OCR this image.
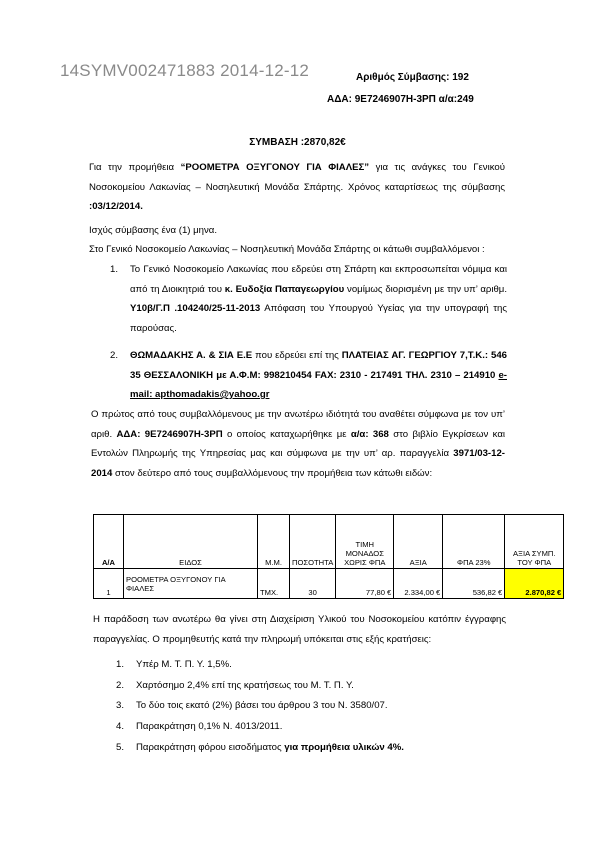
14SYMV002471883 2014-12-12	Αριθμός Σύμβασης: 192
ΑΔΑ: 9Ε7246907Η-3ΡΠ α/α:249
ΣΥΜΒΑΣΗ :2870,82€
Για την προμήθεια “ΡΟΟΜΕΤΡΑ ΟΞΥΓΟΝΟΥ ΓΙΑ ΦΙΑΛΕΣ” για τις ανάγκες του Γενικού Νοσοκομείου Λακωνίας – Νοσηλευτική Μονάδα Σπάρτης. Χρόνος καταρτίσεως της σύμβασης :03/12/2014.
Ισχύς σύμβασης ένα (1) μηνα.
Στο Γενικό Νοσοκομείο Λακωνίας – Νοσηλευτική Μονάδα Σπάρτης οι κάτωθι συμβαλλόμενοι :
1. Το Γενικό Νοσοκομείο Λακωνίας που εδρεύει στη Σπάρτη και εκπροσωπείται νόμιμα και από τη Διοικητριά του κ. Ευδοξία Παπαγεωργίου νομίμως διορισμένη με την υπ’ αριθμ. Υ10β/Γ.Π .104240/25-11-2013 Απόφαση του Υπουργού Υγείας για την υπογραφή της παρούσας.
2. ΘΩΜΑΔΑΚΗΣ Α. & ΣΙΑ Ε.Ε που εδρεύει επί της ΠΛΑΤΕΙΑΣ ΑΓ. ΓΕΩΡΓΙΟΥ 7,Τ.Κ.: 546 35 ΘΕΣΣΑΛΟΝΙΚΗ με Α.Φ.Μ: 998210454 FAX: 2310 - 217491 ΤΗΛ. 2310 – 214910 e-mail: apthomadakis@yahoo.gr
Ο πρώτος από τους συμβαλλόμενους με την ανωτέρω ιδιότητά του αναθέτει σύμφωνα με τον υπ’ αριθ. ΑΔΑ: 9Ε7246907Η-3ΡΠ ο οποίος καταχωρήθηκε με α/α: 368 στο βιβλίο Εγκρίσεων και Εντολών Πληρωμής της Υπηρεσίας μας και σύμφωνα με την υπ’ αρ. παραγγελία 3971/03-12-2014 στον δεύτερο από τους συμβαλλόμενους την προμήθεια των κάτωθι ειδών:
Α/Α	ΕΙΔΟΣ	Μ.Μ.	ΠΟΣΟΤΗΤΑ	ΤΙΜΗ ΜΟΝΑΔΟΣ ΧΩΡΙΣ ΦΠΑ	ΑΞΙΑ	ΦΠΑ 23%	ΑΞΙΑ ΣΥΜΠ. ΤΟΥ ΦΠΑ
1	ΡΟΟΜΕΤΡΑ ΟΞΥΓΟΝΟΥ ΓΙΑ ΦΙΑΛΕΣ	ΤΜΧ.	30	77,80 €	2.334,00 €	536,82 €	2.870,82 €
Η παράδοση των ανωτέρω θα γίνει στη Διαχείριση Υλικού του Νοσοκομείου κατόπιν έγγραφης παραγγελίας. Ο προμηθευτής κατά την πληρωμή υπόκειται στις εξής κρατήσεις:
1. Υπέρ Μ. Τ. Π. Υ. 1,5%.
2. Χαρτόσημο 2,4% επί της κρατήσεως του Μ. Τ. Π. Υ.
3. Το δύο τοις εκατό (2%) βάσει του άρθρου 3 του Ν. 3580/07.
4. Παρακράτηση 0,1% Ν. 4013/2011.
5. Παρακράτηση φόρου εισοδήματος για προμήθεια υλικών 4%.
